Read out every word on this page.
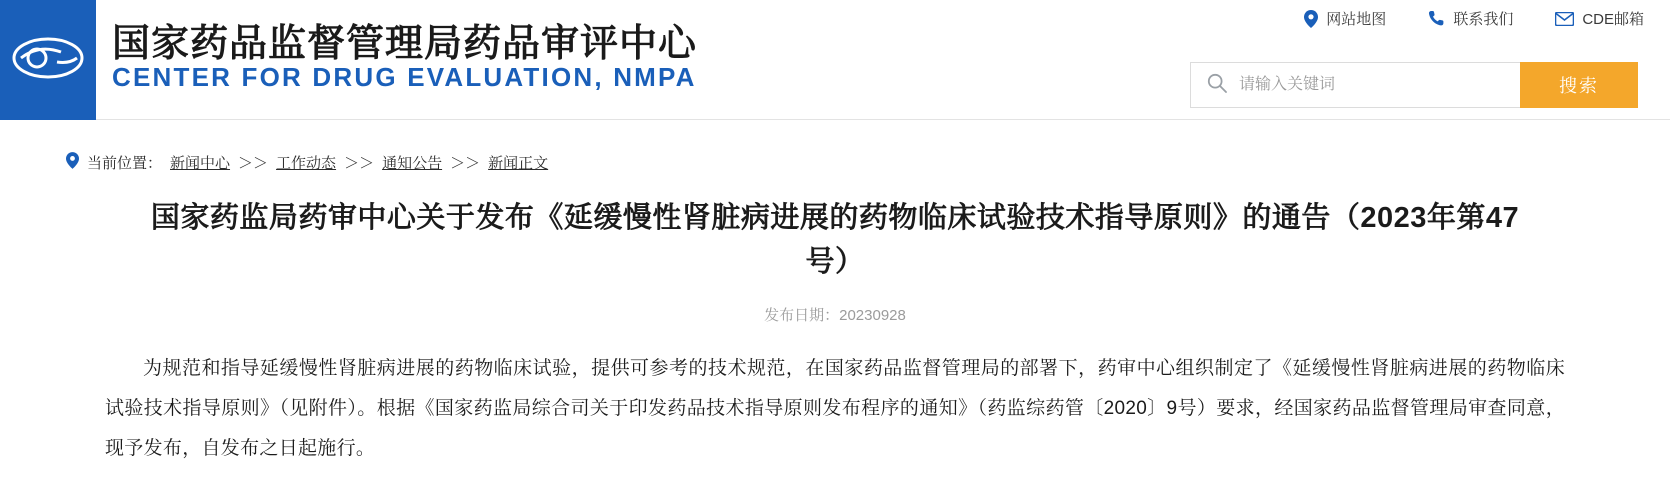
国家药品监督管理局药品审评中心
CENTER FOR DRUG EVALUATION, NMPA
网站地图	联系我们	CDE邮箱
请输入关键词
搜索
当前位置： 新闻中心 ＞＞ 工作动态 ＞＞ 通知公告 ＞＞ 新闻正文
国家药监局药审中心关于发布《延缓慢性肾脏病进展的药物临床试验技术指导原则》的通告（2023年第47号）
发布日期：20230928

为规范和指导延缓慢性肾脏病进展的药物临床试验，提供可参考的技术规范，在国家药品监督管理局的部署下，药审中心组织制定了《延缓慢性肾脏病进展的药物临床试验技术指导原则》（见附件）。根据《国家药监局综合司关于印发药品技术指导原则发布程序的通知》（药监综药管〔2020〕9号）要求，经国家药品监督管理局审查同意，现予发布，自发布之日起施行。
